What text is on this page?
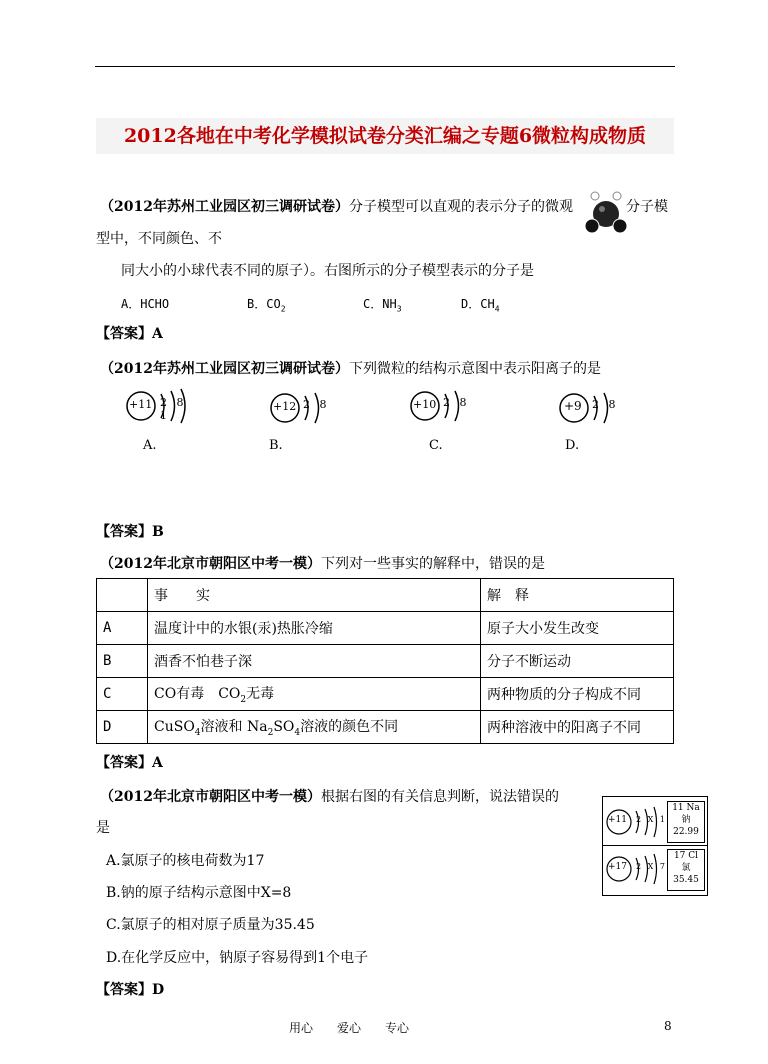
2012各地在中考化学模拟试卷分类汇编之专题6微粒构成物质
（2012年苏州工业园区初三调研试卷）分子模型可以直观的表示分子的微观	分子模
型中，不同颜色、不
同大小的小球代表不同的原子）。右图所示的分子模型表示的分子是
A．HCHO	B．$CO_2$	C．$NH_3$	D．$CH_4$
【答案】A
（2012年苏州工业园区初三调研试卷）下列微粒的结构示意图中表示阳离子的是
+11 2 8 1
A.
+12 2 8
B.
+10 2 8
C.
+9 2 8
D.
【答案】B
（2012年北京市朝阳区中考一模）下列对一些事实的解释中，错误的是
	事　　实	解　释
A	温度计中的水银(汞)热胀冷缩	原子大小发生改变
B	酒香不怕巷子深	分子不断运动
C	CO有毒　$CO_2$无毒	两种物质的分子构成不同
D	CuSO$_4$溶液和 $Na_2SO_4$溶液的颜色不同	两种溶液中的阳离子不同
【答案】A
（2012年北京市朝阳区中考一模）根据右图的有关信息判断，说法错误的
是
A.氯原子的核电荷数为17
B.钠的原子结构示意图中X=8
C.氯原子的相对原子质量为35.45
D.在化学反应中，钠原子容易得到1个电子
【答案】D
+11 2 X 1
11 Na
钠
22.99
+17 2 X 7
17 Cl
氯
35.45
用心　　爱心　　专心	8
